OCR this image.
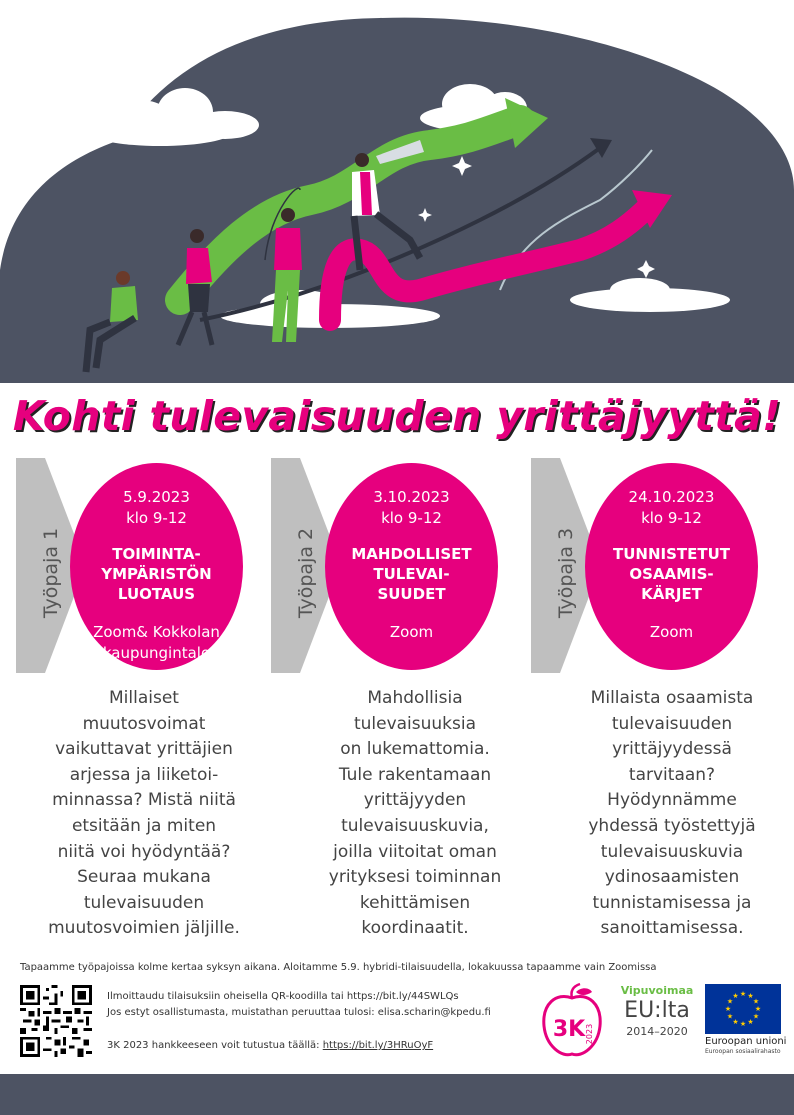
Kohti tulevaisuuden yrittäjyyttä!
Työpaja 1
5.9.2023
klo 9-12
TOIMINTA-
YMPÄRISTÖN
LUOTAUS
Zoom& Kokkolan
kaupungintalo
Millaiset
muutosvoimat
vaikuttavat yrittäjien
arjessa ja liiketoi-
minnassa? Mistä niitä
etsitään ja miten
niitä voi hyödyntää?
Seuraa mukana
tulevaisuuden
muutosvoimien jäljille.
Työpaja 2
3.10.2023
klo 9-12
MAHDOLLISET
TULEVAI-
SUUDET
Zoom
Mahdollisia
tulevaisuuksia
on lukemattomia.
Tule rakentamaan
yrittäjyyden
tulevaisuuskuvia,
joilla viitoitat oman
yrityksesi toiminnan
kehittämisen
koordinaatit.
Työpaja 3
24.10.2023
klo 9-12
TUNNISTETUT
OSAAMIS-
KÄRJET
Zoom
Millaista osaamista
tulevaisuuden
yrittäjyydessä
tarvitaan?
Hyödynnämme
yhdessä työstettyjä
tulevaisuuskuvia
ydinosaamisten
tunnistamisessa ja
sanoittamisessa.
Tapaamme työpajoissa kolme kertaa syksyn aikana. Aloitamme 5.9. hybridi-tilaisuudella, lokakuussa tapaamme vain Zoomissa
Ilmoittaudu tilaisuksiin oheisella QR-koodilla tai https://bit.ly/44SWLQs
Jos estyt osallistumasta, muistathan peruuttaa tulosi: elisa.scharin@kpedu.fi
3K 2023 hankkeeseen voit tutustua täällä: https://bit.ly/3HRuOyF
3K 2023
Vipuvoimaa
EU:lta
2014–2020
★ ★
★
★
★
★
★
★
★
★
★
★
Euroopan unioni
Euroopan sosiaalirahasto
